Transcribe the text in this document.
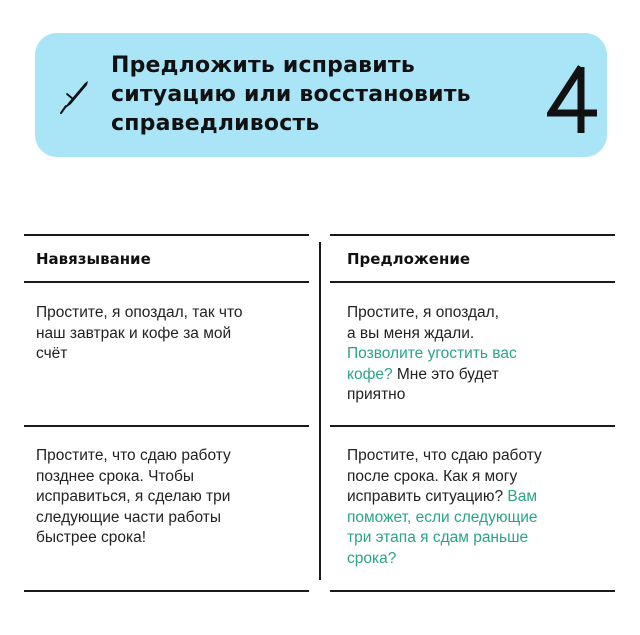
Предложить исправить
ситуацию или восстановить
справедливость
4
Навязывание	Предложение
Простите, я опоздал, так что
наш завтрак и кофе за мой
счёт
Простите, я опоздал,
а вы меня ждали.
Позволите угостить вас
кофе? Мне это будет
приятно
Простите, что сдаю работу
позднее срока. Чтобы
исправиться, я сделаю три
следующие части работы
быстрее срока!
Простите, что сдаю работу
после срока. Как я могу
исправить ситуацию? Вам
поможет, если следующие
три этапа я сдам раньше
срока?
